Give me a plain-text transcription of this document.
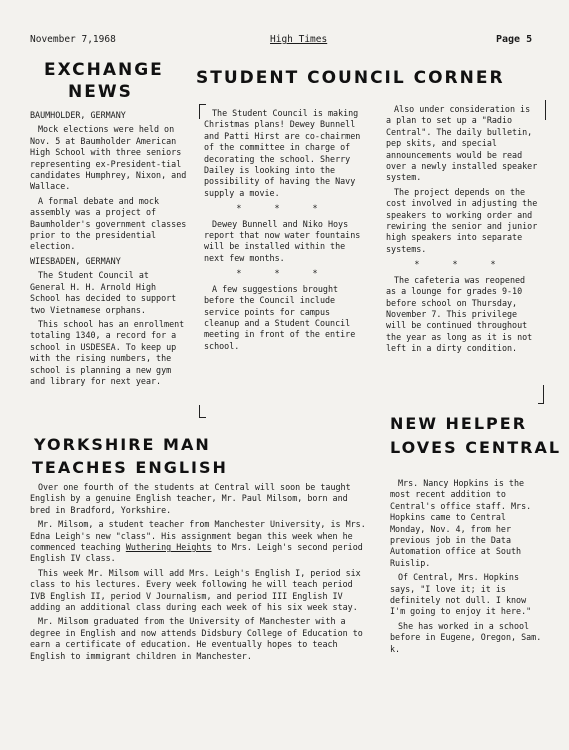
November 7,1968	High Times	Page 5
EXCHANGE
NEWS

BAUMHOLDER, GERMANY

Mock elections were held on Nov. 5 at Baumholder American High School with three seniors representing ex-President-tial candidates Humphrey, Nixon, and Wallace.

A formal debate and mock assembly was a project of Baumholder's government classes prior to the presidential election.

WIESBADEN, GERMANY

The Student Council at General H. H. Arnold High School has decided to support two Vietnamese orphans.

This school has an enrollment totaling 1340, a record for a school in USDESEA. To keep up with the rising numbers, the school is planning a new gym and library for next year.

STUDENT COUNCIL CORNER

The Student Council is making Christmas plans! Dewey Bunnell and Patti Hirst are co-chairmen of the committee in charge of decorating the school. Sherry Dailey is looking into the possibility of having the Navy supply a movie.

* * *

Dewey Bunnell and Niko Hoys report that now water fountains will be installed within the next few months.

* * *

A few suggestions brought before the Council include service points for campus cleanup and a Student Council meeting in front of the entire school.

Also under consideration is a plan to set up a "Radio Central". The daily bulletin, pep skits, and special announcements would be read over a newly installed speaker system.

The project depends on the cost involved in adjusting the speakers to working order and rewiring the senior and junior high speakers into separate systems.

* * *

The cafeteria was reopened as a lounge for grades 9-10 before school on Thursday, November 7. This privilege will be continued throughout the year as long as it is not left in a dirty condition.

YORKSHIRE MAN
TEACHES ENGLISH

Over one fourth of the students at Central will soon be taught English by a genuine English teacher, Mr. Paul Milsom, born and bred in Bradford, Yorkshire.

Mr. Milsom, a student teacher from Manchester University, is Mrs. Edna Leigh's new "class". His assignment began this week when he commenced teaching Wuthering Heights to Mrs. Leigh's second period English IV class.

This week Mr. Milsom will add Mrs. Leigh's English I, period six class to his lectures. Every week following he will teach period IVB English II, period V Journalism, and period III English IV adding an additional class during each week of his six week stay.

Mr. Milsom graduated from the University of Manchester with a degree in English and now attends Didsbury College of Education to earn a certificate of education. He eventually hopes to teach English to immigrant children in Manchester.

NEW HELPER
LOVES CENTRAL

Mrs. Nancy Hopkins is the most recent addition to Central's office staff. Mrs. Hopkins came to Central Monday, Nov. 4, from her previous job in the Data Automation office at South Ruislip.

Of Central, Mrs. Hopkins says, "I love it; it is definitely not dull. I know I'm going to enjoy it here."

She has worked in a school before in Eugene, Oregon, Sam. k.
